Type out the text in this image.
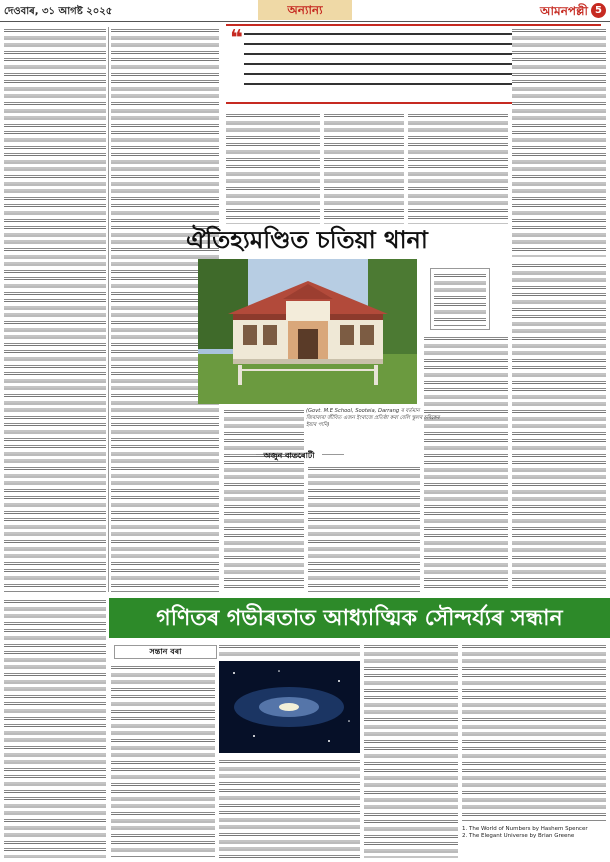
দেওবাৰ, ৩১ আগষ্ট ২০২৫	অন্যান্য	আমনপল্লী 5
❝
ঐতিহ্যমণ্ডিত চতিয়া থানা
(Govt. M.E School, Sooteia, Darrang ৰ বৰ্তমান জিৰাৰাৰা জীবিত এজন ইংৰাজে প্ৰতিষ্ঠা কৰা বেলি স্কুলৰ চবিকেৰ ইয়াৰ পানি)
অজুন বাতৰোটী
গণিতৰ গভীৰতাত আধ্যাত্মিক সৌন্দৰ্য্যৰ সন্ধান
সন্তান বৰা
1. The World of Numbers by Hashem Spencer
2. The Elegant Universe by Brian Greene
